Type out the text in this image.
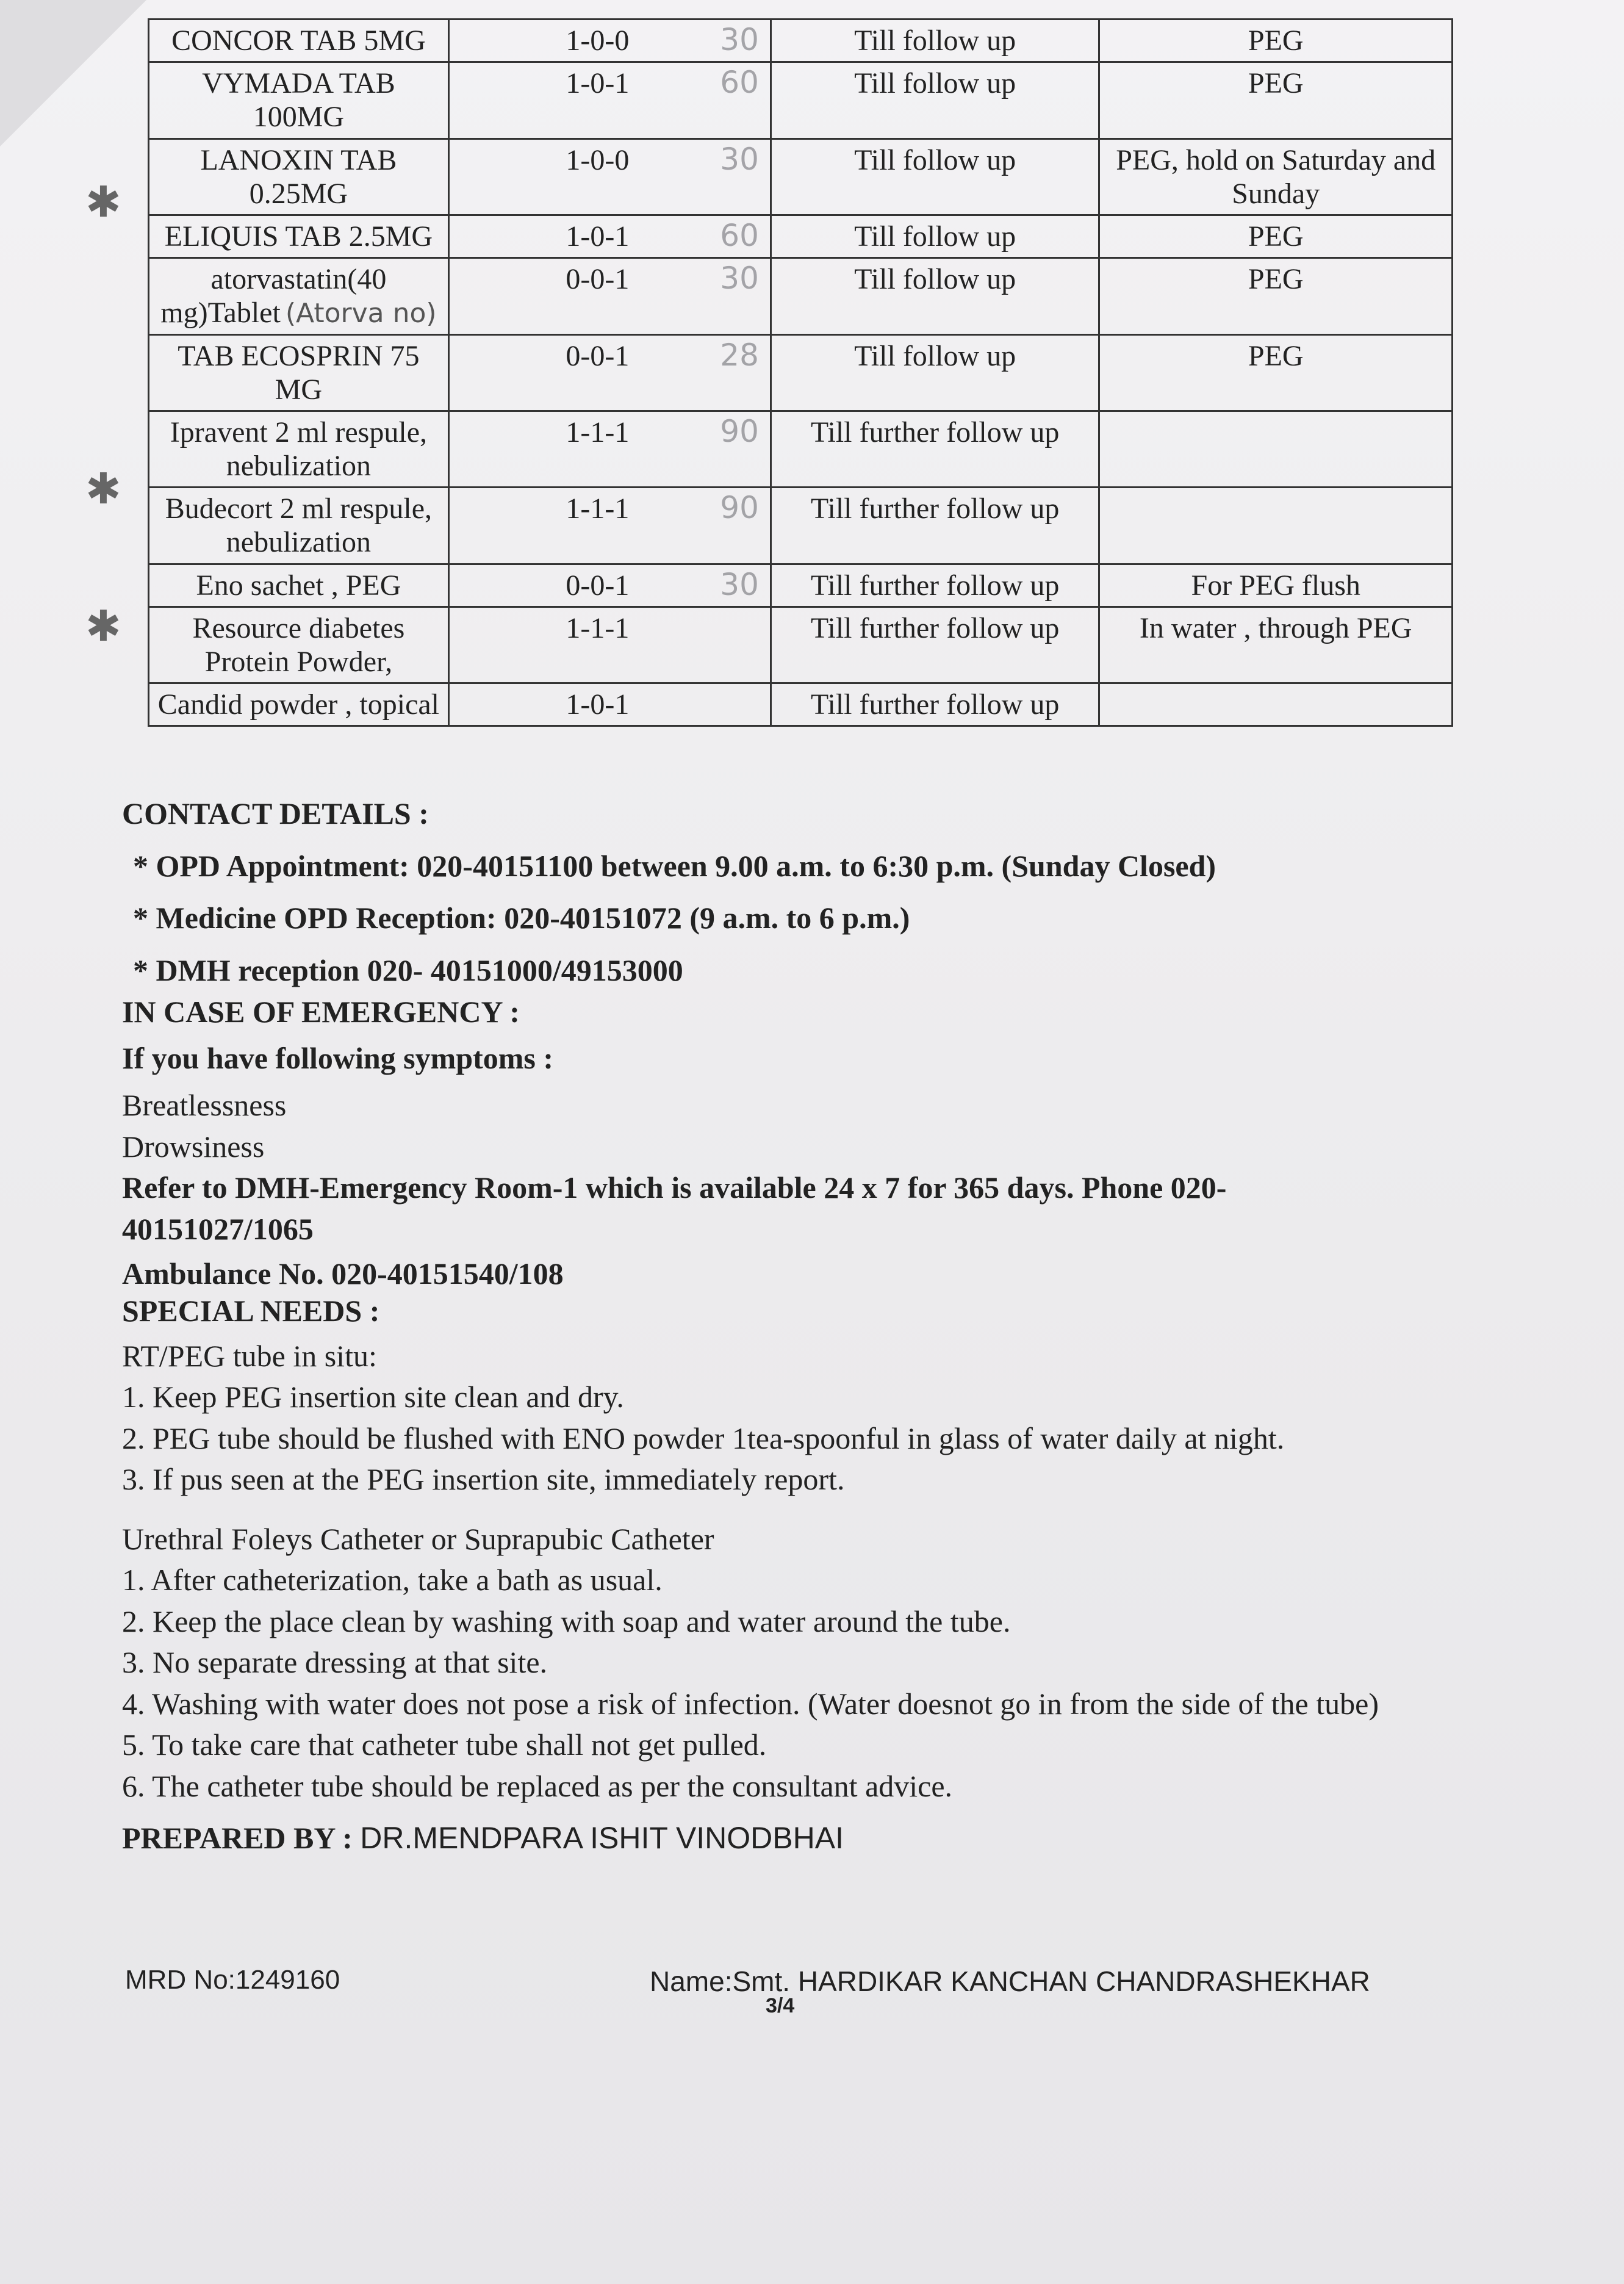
✱
✱
✱
CONCOR TAB 5MG	1-0-0 30	Till follow up	PEG
VYMADA TAB 100MG	1-0-1 60	Till follow up	PEG
LANOXIN TAB 0.25MG	1-0-0 30	Till follow up	PEG, hold on Saturday and Sunday
ELIQUIS TAB 2.5MG	1-0-1 60	Till follow up	PEG
atorvastatin(40 mg)Tablet (Atorva no)	0-0-1 30	Till follow up	PEG
TAB ECOSPRIN 75 MG	0-0-1 28	Till follow up	PEG
Ipravent 2 ml respule, nebulization	1-1-1 90	Till further follow up	
Budecort 2 ml respule, nebulization	1-1-1 90	Till further follow up	
Eno sachet , PEG	0-0-1 30	Till further follow up	For PEG flush
Resource diabetes Protein Powder,	1-1-1	Till further follow up	In water , through PEG
Candid powder , topical	1-0-1	Till further follow up	

CONTACT DETAILS :

* OPD Appointment: 020-40151100 between 9.00 a.m. to 6:30 p.m. (Sunday Closed)

* Medicine OPD Reception: 020-40151072 (9 a.m. to 6 p.m.)

* DMH reception 020- 40151000/49153000

IN CASE OF EMERGENCY :

If you have following symptoms :

Breatlessness

Drowsiness

Refer to DMH-Emergency Room-1 which is available 24 x 7 for 365 days. Phone 020-40151027/1065

Ambulance No. 020-40151540/108

SPECIAL NEEDS :

RT/PEG tube in situ:

1. Keep PEG insertion site clean and dry.

2. PEG tube should be flushed with ENO powder 1tea-spoonful in glass of water daily at night.

3. If pus seen at the PEG insertion site, immediately report.

Urethral Foleys Catheter or Suprapubic Catheter

1. After catheterization, take a bath as usual.

2. Keep the place clean by washing with soap and water around the tube.

3. No separate dressing at that site.

4. Washing with water does not pose a risk of infection. (Water doesnot go in from the side of the tube)

5. To take care that catheter tube shall not get pulled.

6. The catheter tube should be replaced as per the consultant advice.

PREPARED BY : DR.MENDPARA ISHIT VINODBHAI

MRD No:1249160	Name:Smt. HARDIKAR KANCHAN CHANDRASHEKHAR
3/4
